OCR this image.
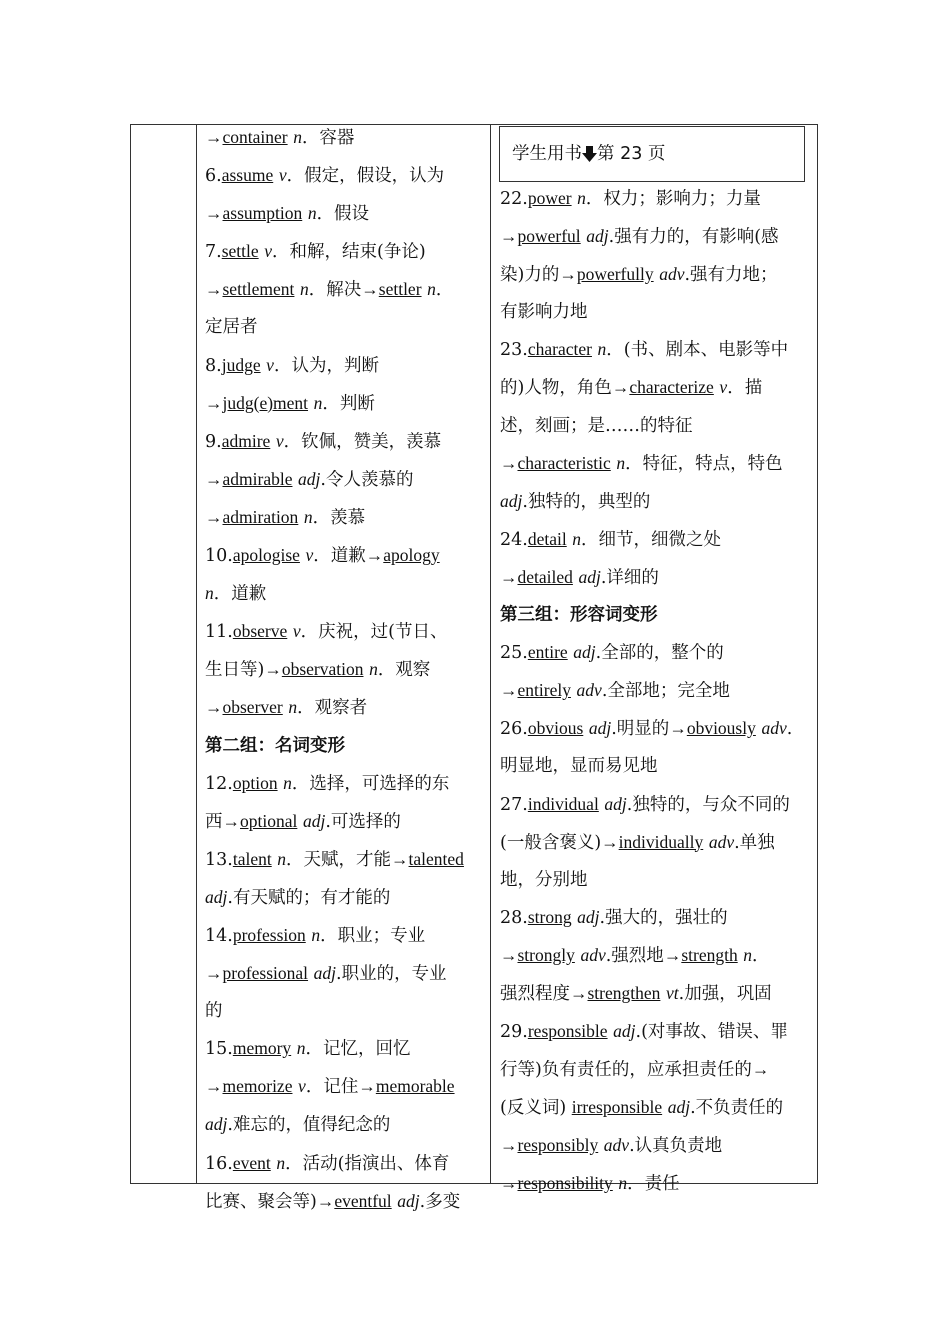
→container n．容器

6.assume v．假定，假设，认为

→assumption n．假设

7.settle v．和解，结束(争论)

→settlement n．解决→settler n．

定居者

8.judge v．认为，判断

→judg(e)ment n．判断

9.admire v．钦佩，赞美，羡慕

→admirable adj.令人羡慕的

→admiration n．羡慕

10.apologise v．道歉→apology

n．道歉

11.observe v．庆祝，过(节日、

生日等)→observation n．观察

→observer n．观察者

第二组：名词变形

12.option n．选择，可选择的东

西→optional adj.可选择的

13.talent n．天赋，才能→talented

adj.有天赋的；有才能的

14.profession n．职业；专业

→professional adj.职业的，专业

的

15.memory n．记忆，回忆

→memorize v．记住→memorable

adj.难忘的，值得纪念的

16.event n．活动(指演出、体育

比赛、聚会等)→eventful adj.多变

学生用书 第 23 页

22.power n．权力；影响力；力量

→powerful adj.强有力的，有影响(感

染)力的→powerfully adv.强有力地；

有影响力地

23.character n．(书、剧本、电影等中

的)人物，角色→characterize v．描

述，刻画；是……的特征

→characteristic n．特征，特点，特色

adj.独特的，典型的

24.detail n．细节，细微之处

→detailed adj.详细的

第三组：形容词变形

25.entire adj.全部的，整个的

→entirely adv.全部地；完全地

26.obvious adj.明显的→obviously adv.

明显地，显而易见地

27.individual adj.独特的，与众不同的

(一般含褒义)→individually adv.单独

地，分别地

28.strong adj.强大的，强壮的

→strongly adv.强烈地→strength n．

强烈程度→strengthen vt.加强，巩固

29.responsible adj.(对事故、错误、罪

行等)负有责任的，应承担责任的→

(反义词) irresponsible adj.不负责任的

→responsibly adv.认真负责地

→responsibility n．责任
